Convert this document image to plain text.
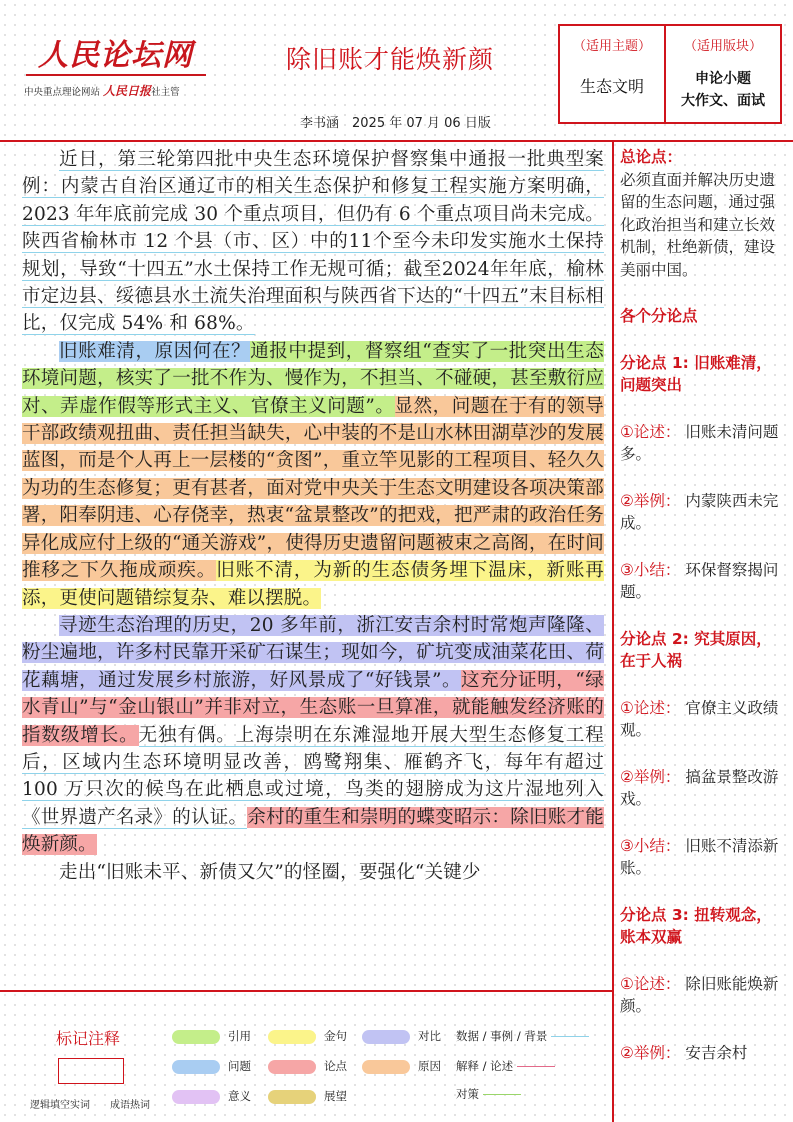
人民论坛网
中央重点理论网站 人民日报社主管
除旧账才能焕新颜
李书涵　2025 年 07 月 06 日版
（适用主题）
生态文明
（适用版块）
申论小题
大作文、面试

近日，第三轮第四批中央生态环境保护督察集中通报一批典型案例：内蒙古自治区通辽市的相关生态保护和修复工程实施方案明确，2023 年年底前完成 30 个重点项目，但仍有 6 个重点项目尚未完成。陕西省榆林市 12 个县（市、区）中的11个至今未印发实施水土保持规划，导致“十四五”水土保持工作无规可循；截至2024年年底，榆林市定边县、绥德县水土流失治理面积与陕西省下达的“十四五”末目标相比，仅完成 54% 和 68%。

旧账难清，原因何在？通报中提到，督察组“查实了一批突出生态环境问题，核实了一批不作为、慢作为，不担当、不碰硬，甚至敷衍应对、弄虚作假等形式主义、官僚主义问题”。显然，问题在于有的领导干部政绩观扭曲、责任担当缺失，心中装的不是山水林田湖草沙的发展蓝图，而是个人再上一层楼的“贪图”，重立竿见影的工程项目、轻久久为功的生态修复；更有甚者，面对党中央关于生态文明建设各项决策部署，阳奉阴违、心存侥幸，热衷“盆景整改”的把戏，把严肃的政治任务异化成应付上级的“通关游戏”，使得历史遗留问题被束之高阁，在时间推移之下久拖成顽疾。旧账不清，为新的生态债务埋下温床，新账再添，更使问题错综复杂、难以摆脱。

寻迹生态治理的历史，20 多年前，浙江安吉余村时常炮声隆隆、粉尘遍地，许多村民靠开采矿石谋生；现如今，矿坑变成油菜花田、荷花藕塘，通过发展乡村旅游，好风景成了“好钱景”。这充分证明，“绿水青山”与“金山银山”并非对立，生态账一旦算准，就能触发经济账的指数级增长。无独有偶。上海崇明在东滩湿地开展大型生态修复工程后，区域内生态环境明显改善，鸥鹭翔集、雁鹤齐飞，每年有超过 100 万只次的候鸟在此栖息或过境，鸟类的翅膀成为这片湿地列入《世界遗产名录》的认证。余村的重生和崇明的蝶变昭示：除旧账才能焕新颜。

走出“旧账未平、新债又欠”的怪圈，要强化“关键少

总论点：
必须直面并解决历史遗留的生态问题，通过强化政治担当和建立长效机制，杜绝新债，建设美丽中国。
各个分论点
分论点 1: 旧账难清，问题突出
①论述： 旧账未清问题多。
②举例： 内蒙陕西未完成。
③小结： 环保督察揭问题。
分论点 2: 究其原因，在于人祸
①论述： 官僚主义政绩观。
②举例： 搞盆景整改游戏。
③小结： 旧账不清添新账。
分论点 3: 扭转观念，账本双赢
①论述： 除旧账能焕新颜。
②举例： 安吉余村
标记注释
逻辑填空实词 成语热词
引用	金句	对比
问题	论点	原因
意义	展望
数据 / 事例 / 背景
解释 / 论述
对策
